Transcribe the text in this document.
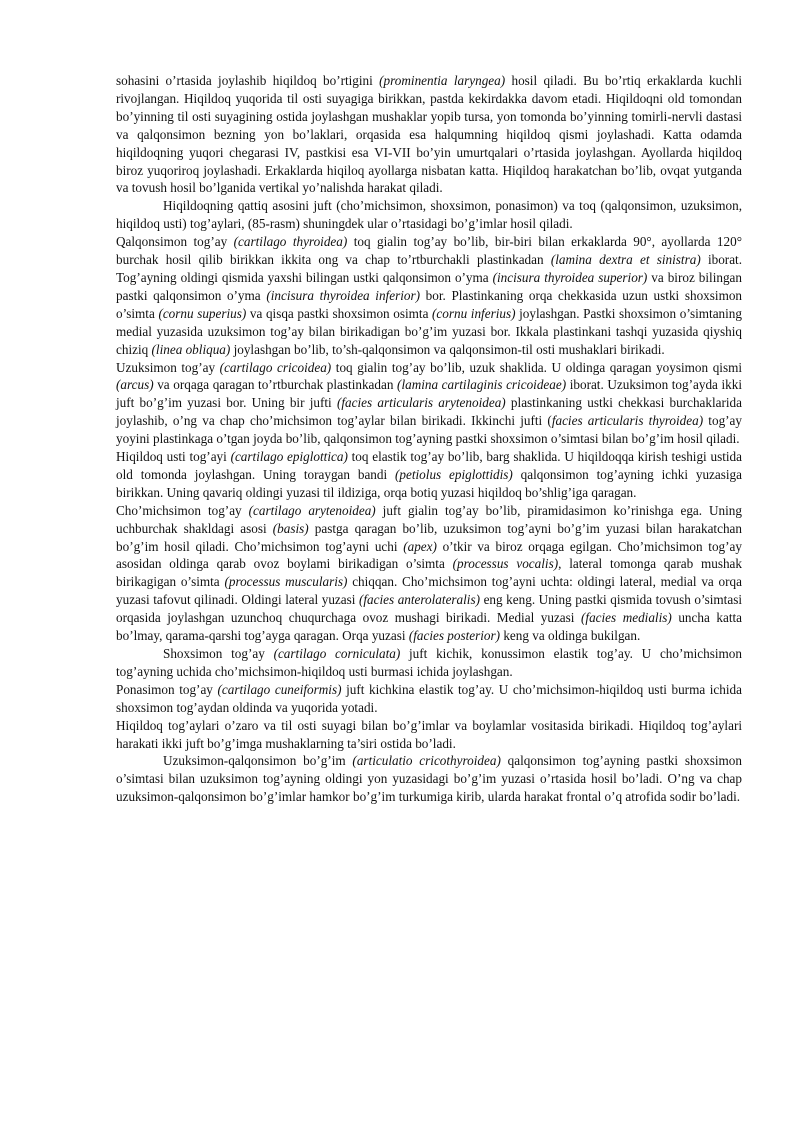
sohasini o’rtasida joylashib hiqildoq bo’rtigini (prominentia laryngea) hosil qiladi. Bu bo’rtiq erkaklarda kuchli rivojlangan. Hiqildoq yuqorida til osti suyagiga birikkan, pastda kekirdakka davom etadi. Hiqildoqni old tomondan bo’yinning til osti suyagining ostida joylashgan mushaklar yopib tursa, yon tomonda bo’yinning tomirli-nervli dastasi va qalqonsimon bezning yon bo’laklari, orqasida esa halqumning hiqildoq qismi joylashadi. Katta odamda hiqildoqning yuqori chegarasi IV, pastkisi esa VI-VII bo’yin umurtqalari o’rtasida joylashgan. Ayollarda hiqildoq biroz yuqoriroq joylashadi. Erkaklarda hiqiloq ayollarga nisbatan katta. Hiqildoq harakatchan bo’lib, ovqat yutganda va tovush hosil bo’lganida vertikal yo’nalishda harakat qiladi.

Hiqildoqning qattiq asosini juft (cho’michsimon, shoxsimon, ponasimon) va toq (qalqonsimon, uzuksimon, hiqildoq usti) tog’aylari, (85-rasm) shuningdek ular o’rtasidagi bo’g’imlar hosil qiladi.

Qalqonsimon tog’ay (cartilago thyroidea) toq gialin tog’ay bo’lib, bir-biri bilan erkaklarda 90°, ayollarda 120° burchak hosil qilib birikkan ikkita ong va chap to’rtburchakli plastinkadan (lamina dextra et sinistra) iborat. Tog’ayning oldingi qismida yaxshi bilingan ustki qalqonsimon o’yma (incisura thyroidea superior) va biroz bilingan pastki qalqonsimon o’yma (incisura thyroidea inferior) bor. Plastinkaning orqa chekkasida uzun ustki shoxsimon o’simta (cornu superius) va qisqa pastki shoxsimon osimta (cornu inferius) joylashgan. Pastki shoxsimon o’simtaning medial yuzasida uzuksimon tog’ay bilan birikadigan bo’g’im yuzasi bor. Ikkala plastinkani tashqi yuzasida qiyshiq chiziq (linea obliqua) joylashgan bo’lib, to’sh-qalqonsimon va qalqonsimon-til osti mushaklari birikadi.

Uzuksimon tog’ay (cartilago cricoidea) toq gialin tog’ay bo’lib, uzuk shaklida. U oldinga qaragan yoysimon qismi (arcus) va orqaga qaragan to’rtburchak plastinkadan (lamina cartilaginis cricoideae) iborat. Uzuksimon tog’ayda ikki juft bo’g’im yuzasi bor. Uning bir jufti (facies articularis arytenoidea) plastinkaning ustki chekkasi burchaklarida joylashib, o’ng va chap cho’michsimon tog’aylar bilan birikadi. Ikkinchi jufti (facies articularis thyroidea) tog’ay yoyini plastinkaga o’tgan joyda bo’lib, qalqonsimon tog’ayning pastki shoxsimon o’simtasi bilan bo’g’im hosil qiladi.

Hiqildoq usti tog’ayi (cartilago epiglottica) toq elastik tog’ay bo’lib, barg shaklida. U hiqildoqqa kirish teshigi ustida old tomonda joylashgan. Uning toraygan bandi (petiolus epiglottidis) qalqonsimon tog’ayning ichki yuzasiga birikkan. Uning qavariq oldingi yuzasi til ildiziga, orqa botiq yuzasi hiqildoq bo’shlig’iga qaragan.

Cho’michsimon tog’ay (cartilago arytenoidea) juft gialin tog’ay bo’lib, piramidasimon ko’rinishga ega. Uning uchburchak shakldagi asosi (basis) pastga qaragan bo’lib, uzuksimon tog’ayni bo’g’im yuzasi bilan harakatchan bo’g’im hosil qiladi. Cho’michsimon tog’ayni uchi (apex) o’tkir va biroz orqaga egilgan. Cho’michsimon tog’ay asosidan oldinga qarab ovoz boylami birikadigan o’simta (processus vocalis), lateral tomonga qarab mushak birikagigan o’simta (processus muscularis) chiqqan. Cho’michsimon tog’ayni uchta: oldingi lateral, medial va orqa yuzasi tafovut qilinadi. Oldingi lateral yuzasi (facies anterolateralis) eng keng. Uning pastki qismida tovush o’simtasi orqasida joylashgan uzunchoq chuqurchaga ovoz mushagi birikadi. Medial yuzasi (facies medialis) uncha katta bo’lmay, qarama-qarshi tog’ayga qaragan. Orqa yuzasi (facies posterior) keng va oldinga bukilgan.

Shoxsimon tog’ay (cartilago corniculata) juft kichik, konussimon elastik tog’ay. U cho’michsimon tog’ayning uchida cho’michsimon-hiqildoq usti burmasi ichida joylashgan.

Ponasimon tog’ay (cartilago cuneiformis) juft kichkina elastik tog’ay. U cho’michsimon-hiqildoq usti burma ichida shoxsimon tog’aydan oldinda va yuqorida yotadi.

Hiqildoq tog’aylari o’zaro va til osti suyagi bilan bo’g’imlar va boylamlar vositasida birikadi. Hiqildoq tog’aylari harakati ikki juft bo’g’imga mushaklarning ta’siri ostida bo’ladi.

Uzuksimon-qalqonsimon bo’g’im (articulatio cricothyroidea) qalqonsimon tog’ayning pastki shoxsimon o’simtasi bilan uzuksimon tog’ayning oldingi yon yuzasidagi bo’g’im yuzasi o’rtasida hosil bo’ladi. O’ng va chap uzuksimon-qalqonsimon bo’g’imlar hamkor bo’g’im turkumiga kirib, ularda harakat frontal o’q atrofida sodir bo’ladi.
